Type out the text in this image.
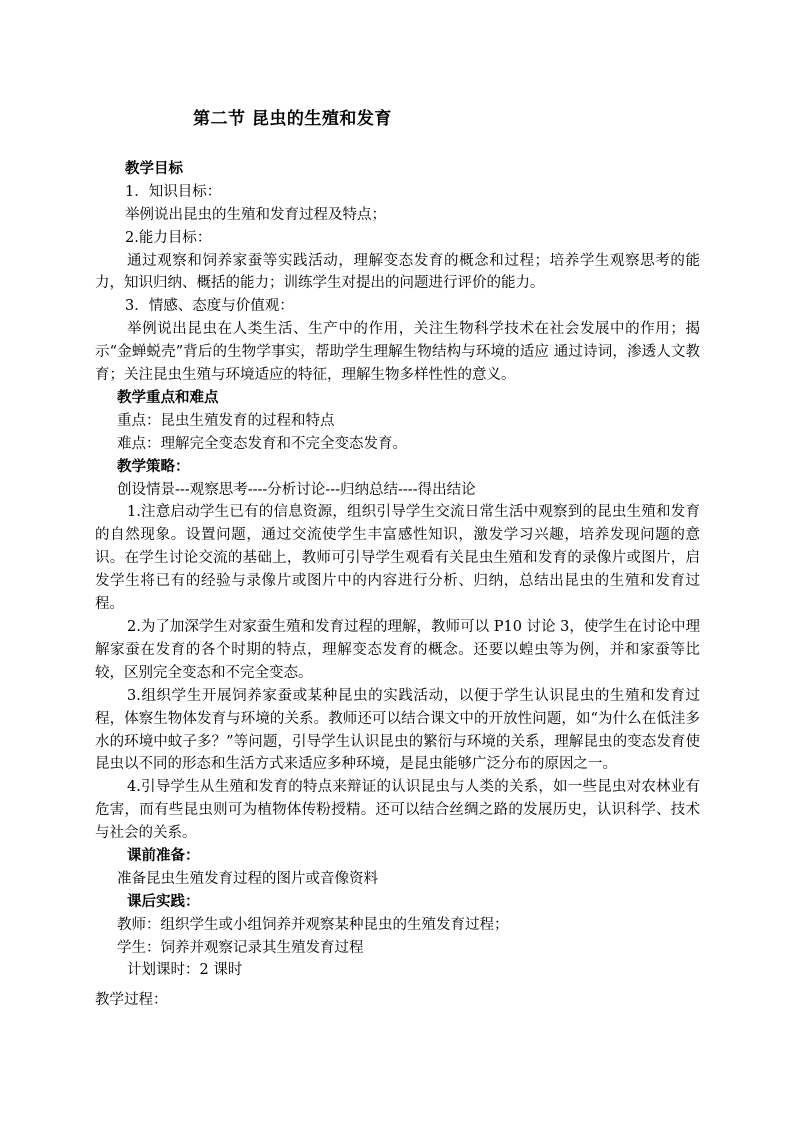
第二节 昆虫的生殖和发育
教学目标
1．知识目标：
举例说出昆虫的生殖和发育过程及特点；
2.能力目标：
通过观察和饲养家蚕等实践活动，理解变态发育的概念和过程；培养学生观察思考的能力，知识归纳、概括的能力；训练学生对提出的问题进行评价的能力。
3．情感、态度与价值观：
举例说出昆虫在人类生活、生产中的作用，关注生物科学技术在社会发展中的作用；揭示“金蝉蜕壳”背后的生物学事实，帮助学生理解生物结构与环境的适应 通过诗词，渗透人文教育；关注昆虫生殖与环境适应的特征，理解生物多样性性的意义。
教学重点和难点
重点：昆虫生殖发育的过程和特点
难点：理解完全变态发育和不完全变态发育。
教学策略：
创设情景---观察思考----分析讨论---归纳总结----得出结论
1.注意启动学生已有的信息资源，组织引导学生交流日常生活中观察到的昆虫生殖和发育的自然现象。设置问题，通过交流使学生丰富感性知识，激发学习兴趣，培养发现问题的意识。在学生讨论交流的基础上，教师可引导学生观看有关昆虫生殖和发育的录像片或图片，启发学生将已有的经验与录像片或图片中的内容进行分析、归纳，总结出昆虫的生殖和发育过程。
2.为了加深学生对家蚕生殖和发育过程的理解，教师可以 P10 讨论 3，使学生在讨论中理解家蚕在发育的各个时期的特点，理解变态发育的概念。还要以蝗虫等为例，并和家蚕等比较，区别完全变态和不完全变态。
3.组织学生开展饲养家蚕或某种昆虫的实践活动，以便于学生认识昆虫的生殖和发育过程，体察生物体发育与环境的关系。教师还可以结合课文中的开放性问题，如“为什么在低洼多水的环境中蚊子多？”等问题，引导学生认识昆虫的繁衍与环境的关系，理解昆虫的变态发育使昆虫以不同的形态和生活方式来适应多种环境，是昆虫能够广泛分布的原因之一。
4.引导学生从生殖和发育的特点来辩证的认识昆虫与人类的关系，如一些昆虫对农林业有危害，而有些昆虫则可为植物体传粉授精。还可以结合丝绸之路的发展历史，认识科学、技术与社会的关系。
课前准备：
准备昆虫生殖发育过程的图片或音像资料
课后实践：
教师：组织学生或小组饲养并观察某种昆虫的生殖发育过程；
学生：饲养并观察记录其生殖发育过程
计划课时：2 课时
教学过程：
